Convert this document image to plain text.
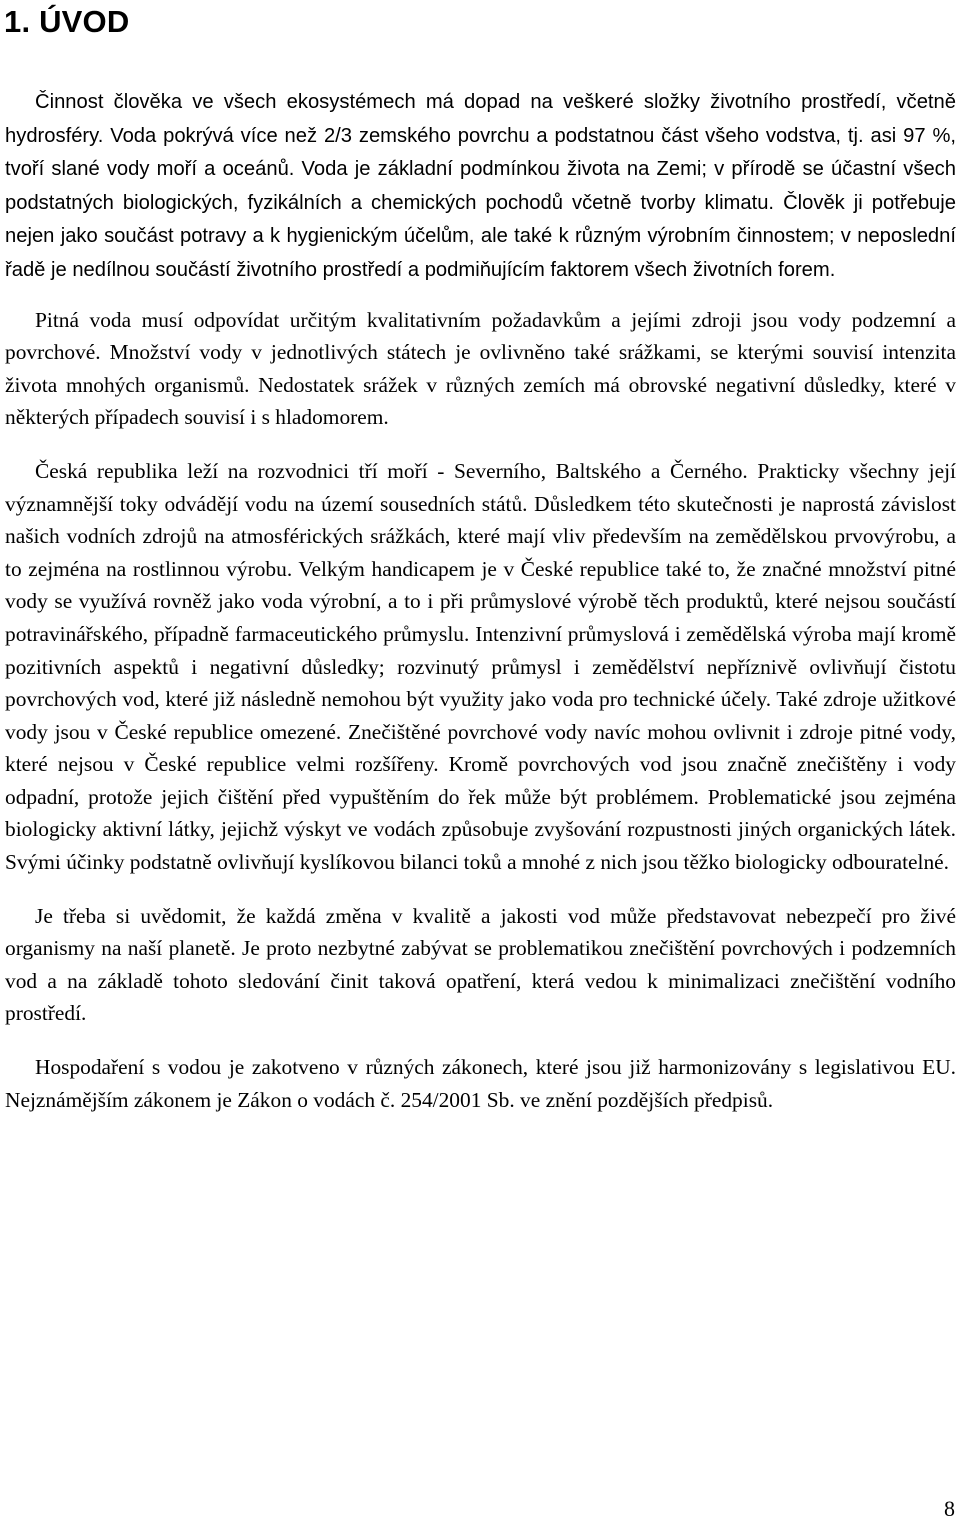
1. ÚVOD

Činnost člověka ve všech ekosystémech má dopad na veškeré složky životního prostředí, včetně hydrosféry. Voda pokrývá více než 2/3 zemského povrchu a podstatnou část všeho vodstva, tj. asi 97 %, tvoří slané vody moří a oceánů. Voda je základní podmínkou života na Zemi; v přírodě se účastní všech podstatných biologických, fyzikálních a chemických pochodů včetně tvorby klimatu. Člověk ji potřebuje nejen jako součást potravy a k hygienickým účelům, ale také k různým výrobním činnostem; v neposlední řadě je nedílnou součástí životního prostředí a podmiňujícím faktorem všech životních forem.

Pitná voda musí odpovídat určitým kvalitativním požadavkům a jejími zdroji jsou vody podzemní a povrchové. Množství vody v jednotlivých státech je ovlivněno také srážkami, se kterými souvisí intenzita života mnohých organismů. Nedostatek srážek v různých zemích má obrovské negativní důsledky, které v některých případech souvisí i s hladomorem.

Česká republika leží na rozvodnici tří moří - Severního, Baltského a Černého. Prakticky všechny její významnější toky odvádějí vodu na území sousedních států. Důsledkem této skutečnosti je naprostá závislost našich vodních zdrojů na atmosférických srážkách, které mají vliv především na zemědělskou prvovýrobu, a to zejména na rostlinnou výrobu. Velkým handicapem je v České republice také to, že značné množství pitné vody se využívá rovněž jako voda výrobní, a to i při průmyslové výrobě těch produktů, které nejsou součástí potravinářského, případně farmaceutického průmyslu. Intenzivní průmyslová i zemědělská výroba mají kromě pozitivních aspektů i negativní důsledky; rozvinutý průmysl i zemědělství nepříznivě ovlivňují čistotu povrchových vod, které již následně nemohou být využity jako voda pro technické účely. Také zdroje užitkové vody jsou v České republice omezené. Znečištěné povrchové vody navíc mohou ovlivnit i zdroje pitné vody, které nejsou v České republice velmi rozšířeny. Kromě povrchových vod jsou značně znečištěny i vody odpadní, protože jejich čištění před vypuštěním do řek může být problémem. Problematické jsou zejména biologicky aktivní látky, jejichž výskyt ve vodách způsobuje zvyšování rozpustnosti jiných organických látek. Svými účinky podstatně ovlivňují kyslíkovou bilanci toků a mnohé z nich jsou těžko biologicky odbouratelné.

Je třeba si uvědomit, že každá změna v kvalitě a jakosti vod může představovat nebezpečí pro živé organismy na naší planetě. Je proto nezbytné zabývat se problematikou znečištění povrchových i podzemních vod a na základě tohoto sledování činit taková opatření, která vedou k minimalizaci znečištění vodního prostředí.

Hospodaření s vodou je zakotveno v různých zákonech, které jsou již harmonizovány s legislativou EU. Nejznámějším zákonem je Zákon o vodách č. 254/2001 Sb. ve znění pozdějších předpisů.

8
